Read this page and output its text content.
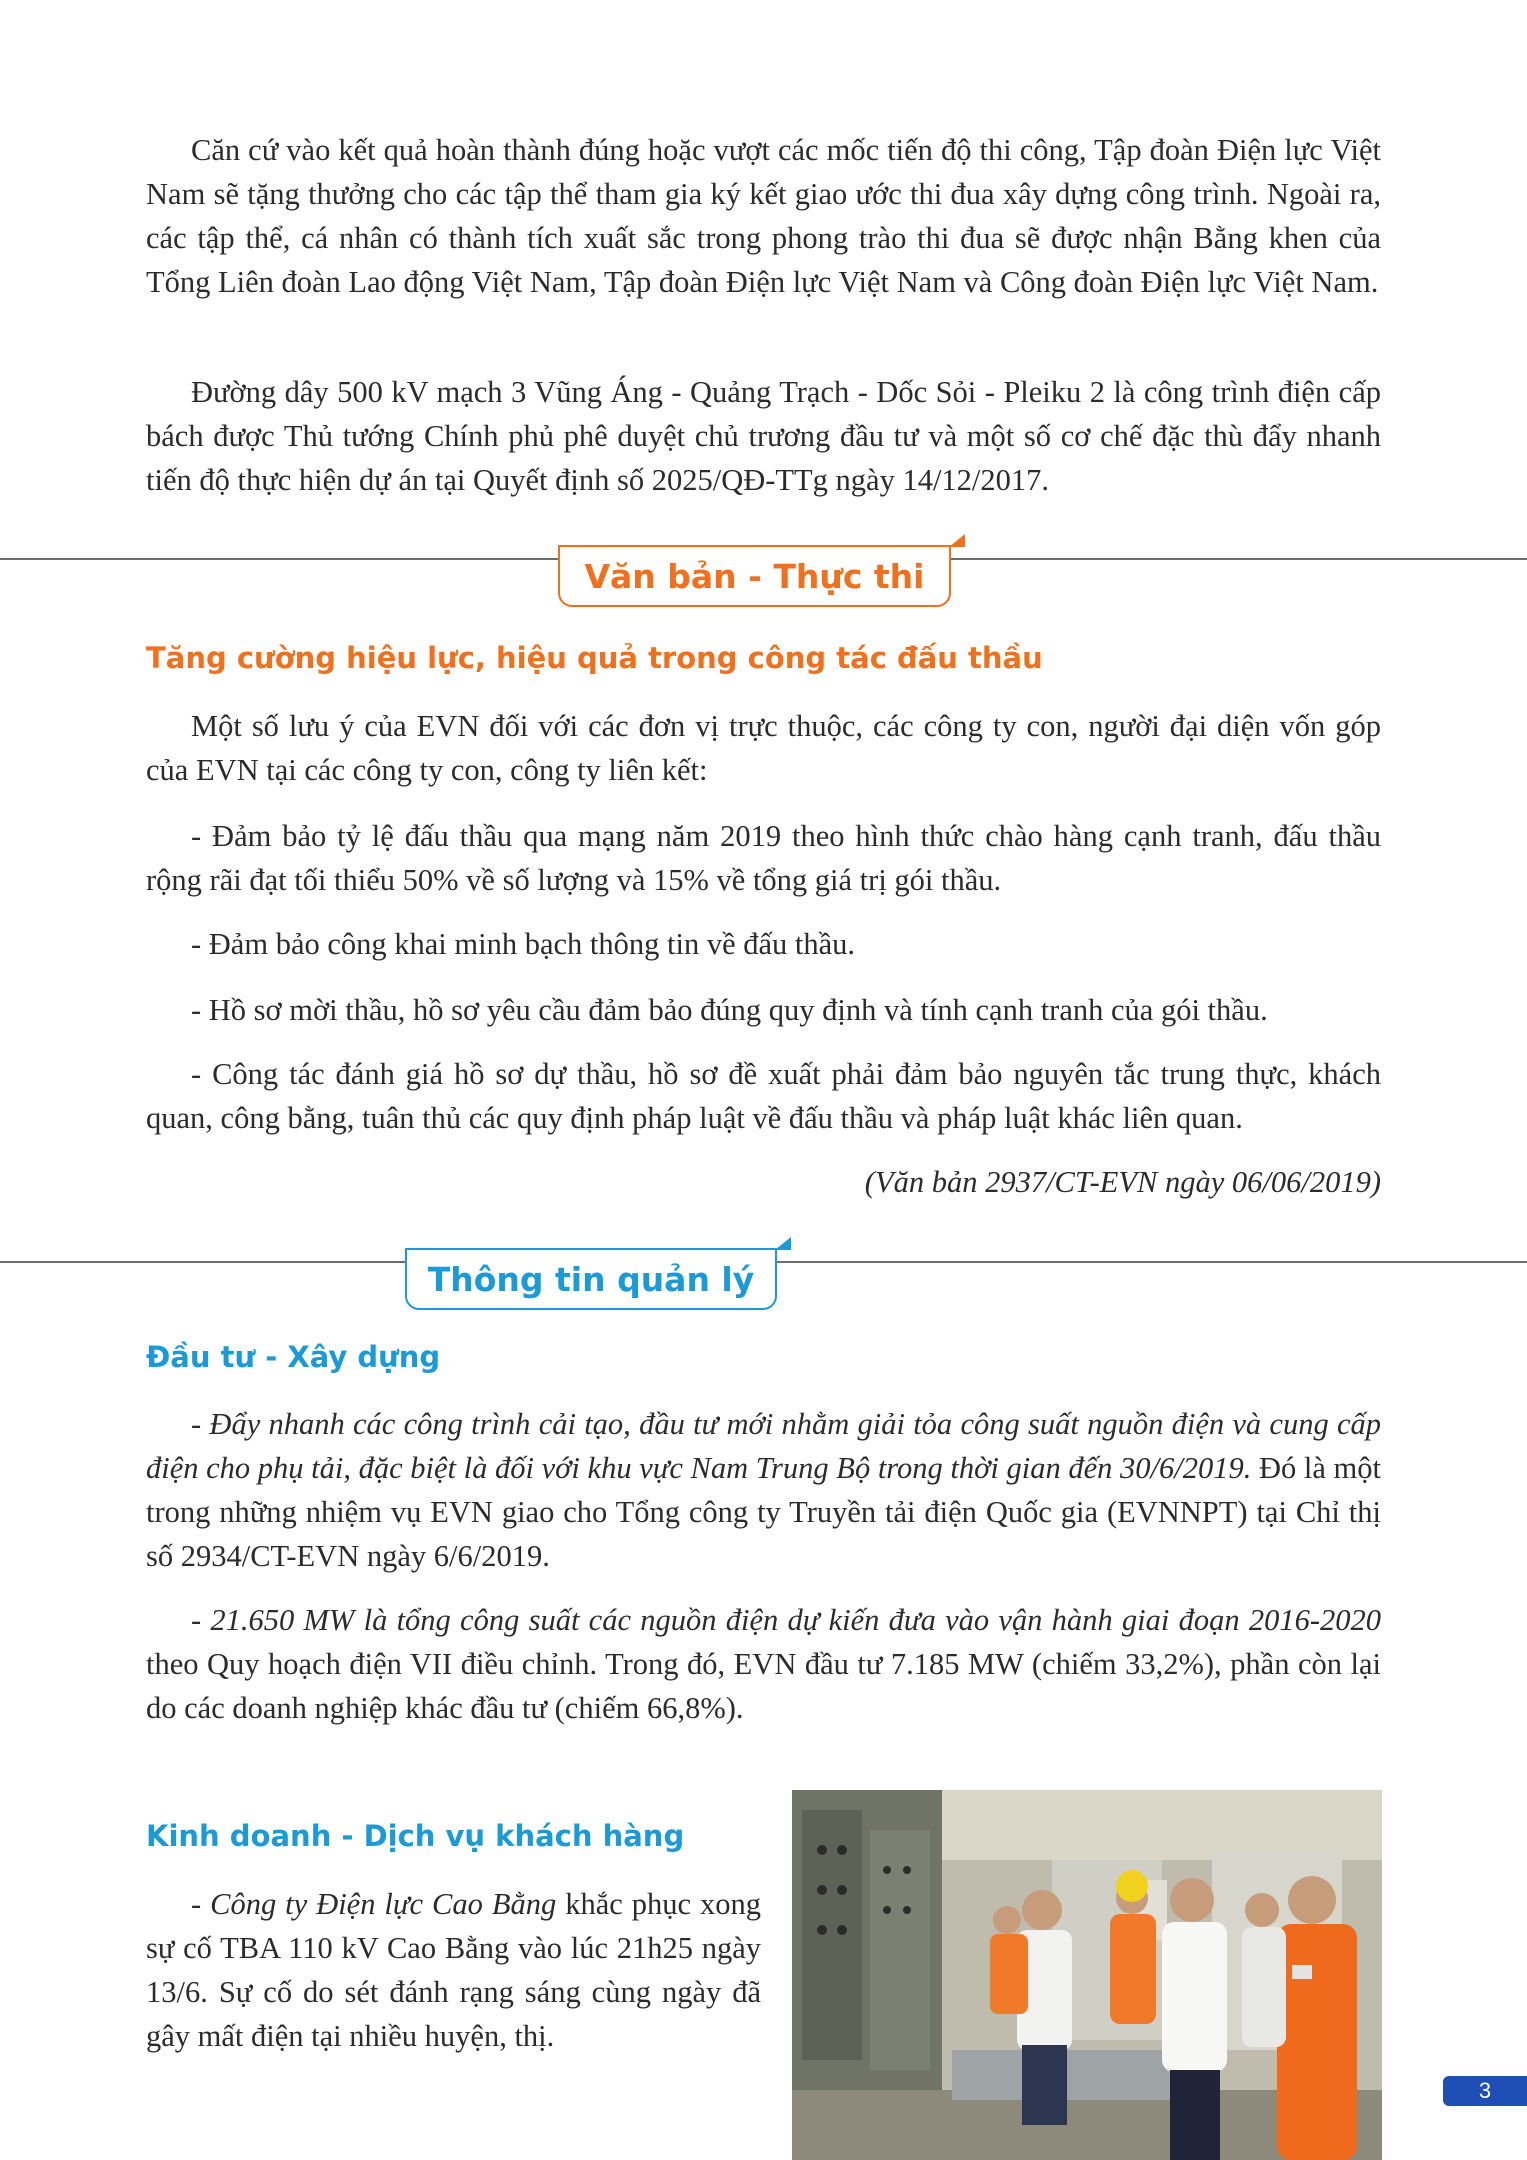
Căn cứ vào kết quả hoàn thành đúng hoặc vượt các mốc tiến độ thi công, Tập đoàn Điện lực Việt Nam sẽ tặng thưởng cho các tập thể tham gia ký kết giao ước thi đua xây dựng công trình. Ngoài ra, các tập thể, cá nhân có thành tích xuất sắc trong phong trào thi đua sẽ được nhận Bằng khen của Tổng Liên đoàn Lao động Việt Nam, Tập đoàn Điện lực Việt Nam và Công đoàn Điện lực Việt Nam.

Đường dây 500 kV mạch 3 Vũng Áng - Quảng Trạch - Dốc Sỏi - Pleiku 2 là công trình điện cấp bách được Thủ tướng Chính phủ phê duyệt chủ trương đầu tư và một số cơ chế đặc thù đẩy nhanh tiến độ thực hiện dự án tại Quyết định số 2025/QĐ-TTg ngày 14/12/2017.

Văn bản - Thực thi
Tăng cường hiệu lực, hiệu quả trong công tác đấu thầu

Một số lưu ý của EVN đối với các đơn vị trực thuộc, các công ty con, người đại diện vốn góp của EVN tại các công ty con, công ty liên kết:

- Đảm bảo tỷ lệ đấu thầu qua mạng năm 2019 theo hình thức chào hàng cạnh tranh, đấu thầu rộng rãi đạt tối thiểu 50% về số lượng và 15% về tổng giá trị gói thầu.

- Đảm bảo công khai minh bạch thông tin về đấu thầu.

- Hồ sơ mời thầu, hồ sơ yêu cầu đảm bảo đúng quy định và tính cạnh tranh của gói thầu.

- Công tác đánh giá hồ sơ dự thầu, hồ sơ đề xuất phải đảm bảo nguyên tắc trung thực, khách quan, công bằng, tuân thủ các quy định pháp luật về đấu thầu và pháp luật khác liên quan.

(Văn bản 2937/CT-EVN ngày 06/06/2019)

Thông tin quản lý
Đầu tư - Xây dựng

- Đẩy nhanh các công trình cải tạo, đầu tư mới nhằm giải tỏa công suất nguồn điện và cung cấp điện cho phụ tải, đặc biệt là đối với khu vực Nam Trung Bộ trong thời gian đến 30/6/2019. Đó là một trong những nhiệm vụ EVN giao cho Tổng công ty Truyền tải điện Quốc gia (EVNNPT) tại Chỉ thị số 2934/CT-EVN ngày 6/6/2019.

- 21.650 MW là tổng công suất các nguồn điện dự kiến đưa vào vận hành giai đoạn 2016-2020 theo Quy hoạch điện VII điều chỉnh. Trong đó, EVN đầu tư 7.185 MW (chiếm 33,2%), phần còn lại do các doanh nghiệp khác đầu tư (chiếm 66,8%).

Kinh doanh - Dịch vụ khách hàng

- Công ty Điện lực Cao Bằng khắc phục xong sự cố TBA 110 kV Cao Bằng vào lúc 21h25 ngày 13/6. Sự cố do sét đánh rạng sáng cùng ngày đã gây mất điện tại nhiều huyện, thị.

3
